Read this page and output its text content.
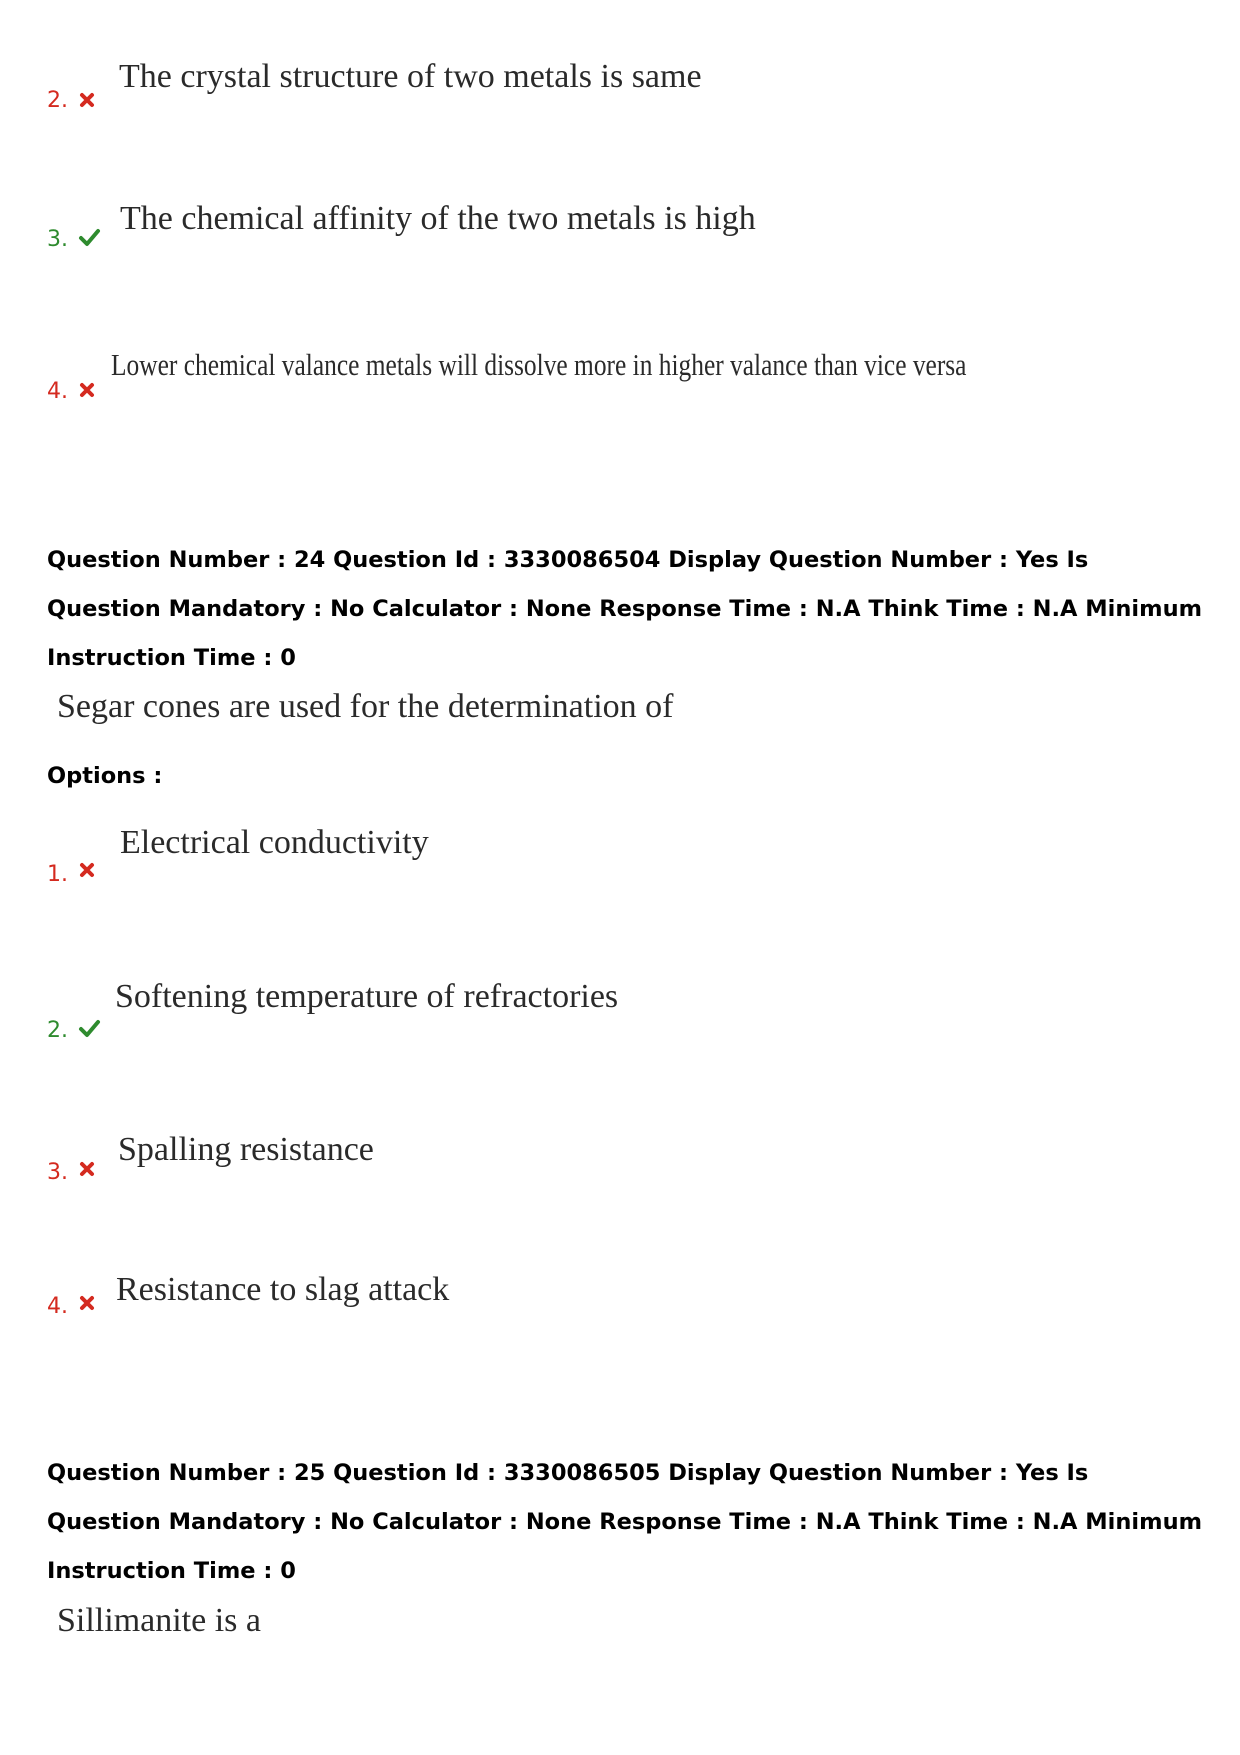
2.
The crystal structure of two metals is same
3.
The chemical affinity of the two metals is high
4.
Lower chemical valance metals will dissolve more in higher valance than vice versa
Question Number : 24 Question Id : 3330086504 Display Question Number : Yes Is Question Mandatory : No Calculator : None Response Time : N.A Think Time : N.A Minimum Instruction Time : 0
Segar cones are used for the determination of
Options :
1.
Electrical conductivity
2.
Softening temperature of refractories
3.
Spalling resistance
4. Resistance to slag attack
Question Number : 25 Question Id : 3330086505 Display Question Number : Yes Is Question Mandatory : No Calculator : None Response Time : N.A Think Time : N.A Minimum Instruction Time : 0
Sillimanite is a
